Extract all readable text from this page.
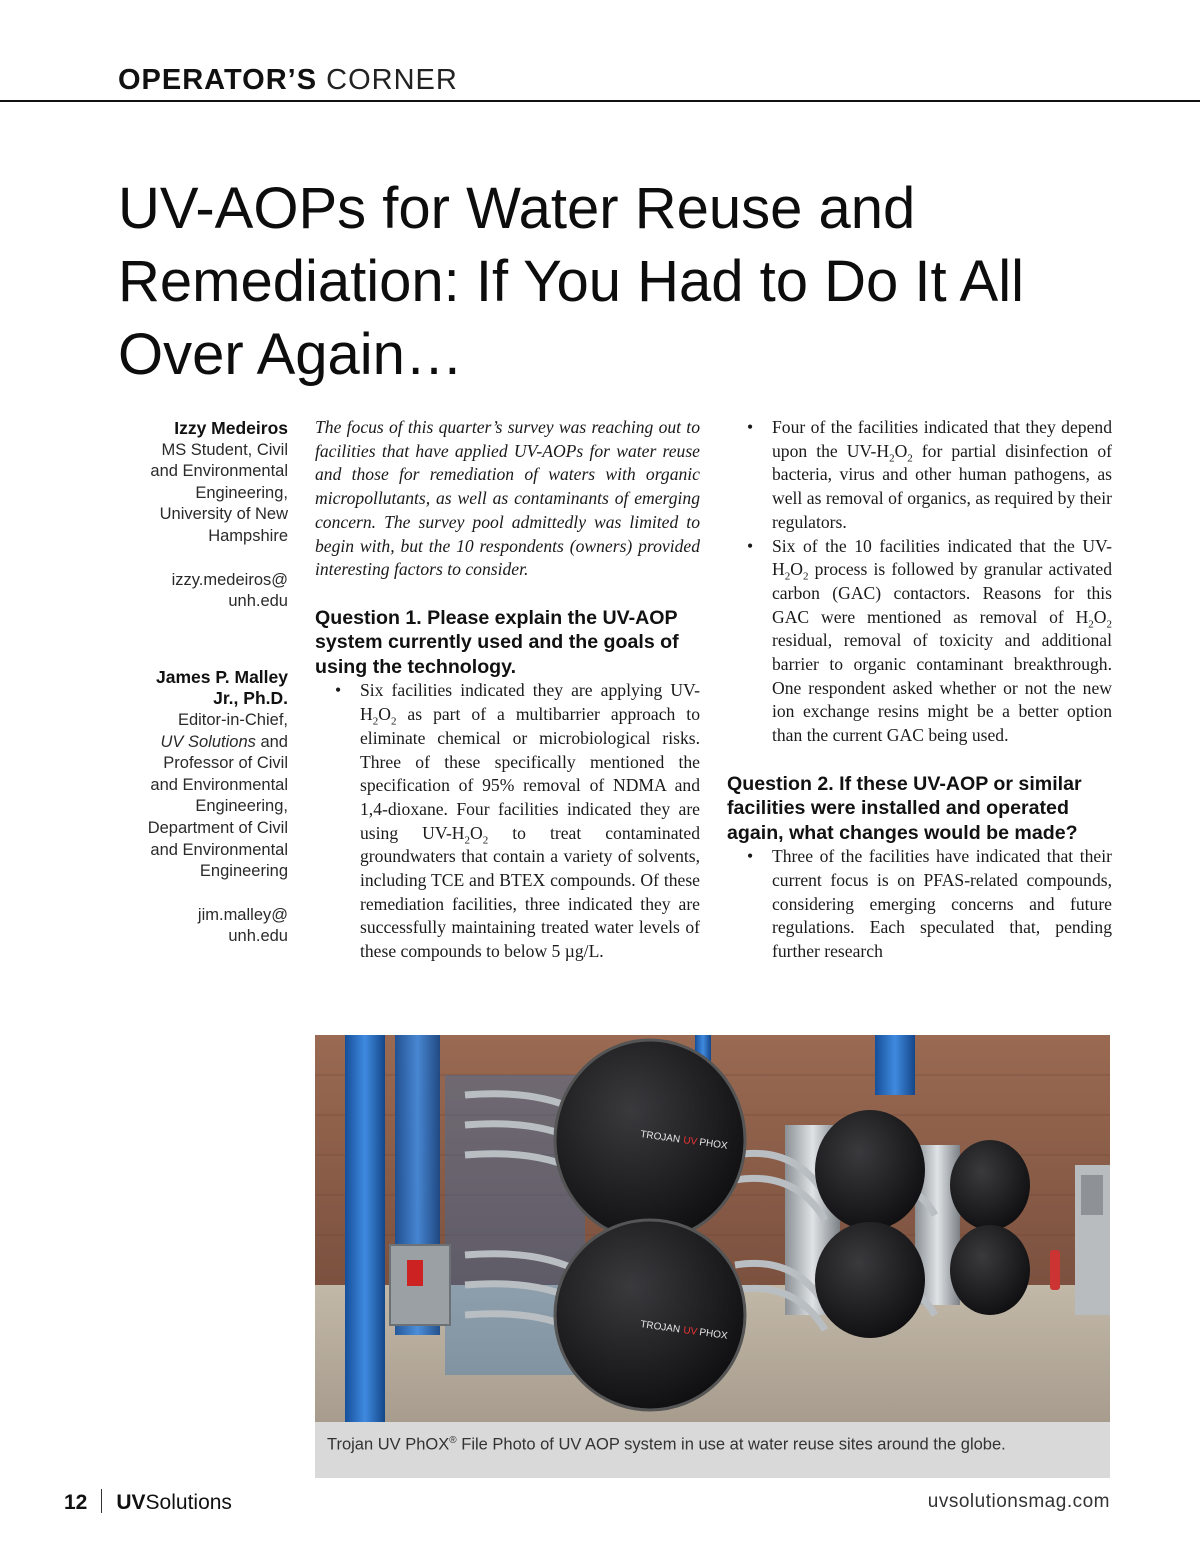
OPERATOR’S CORNER
UV-AOPs for Water Reuse and Remediation: If You Had to Do It All Over Again…
Izzy Medeiros
MS Student, Civil
and Environmental
Engineering,
University of New
Hampshire
izzy.medeiros@
unh.edu
James P. Malley
Jr., Ph.D.
Editor-in-Chief,
UV Solutions and
Professor of Civil
and Environmental
Engineering,
Department of Civil
and Environmental
Engineering
jim.malley@
unh.edu

The focus of this quarter’s survey was reaching out to facilities that have applied UV-AOPs for water reuse and those for remediation of waters with organic micropollutants, as well as contaminants of emerging concern. The survey pool admittedly was limited to begin with, but the 10 respondents (owners) provided interesting factors to consider.

Question 1. Please explain the UV-AOP system currently used and the goals of using the technology.
• Six facilities indicated they are applying $UV-H_2O_2$ as part of a multibarrier approach to eliminate chemical or microbiological risks. Three of these specifically mentioned the specification of 95% removal of NDMA and 1,4-dioxane. Four facilities indicated they are using $UV-H_2O_2$ to treat contaminated groundwaters that contain a variety of solvents, including TCE and BTEX compounds. Of these remediation facilities, three indicated they are successfully maintaining treated water levels of these compounds to below 5 µg/L.
• Four of the facilities indicated that they depend upon the $UV-H_2O_2$ for partial disinfection of bacteria, virus and other human pathogens, as well as removal of organics, as required by their regulators.
• Six of the 10 facilities indicated that the $UV-H_2O_2$ process is followed by granular activated carbon (GAC) contactors. Reasons for this GAC were mentioned as removal of $H_2O_2$ residual, removal of toxicity and additional barrier to organic contaminant breakthrough. One respondent asked whether or not the new ion exchange resins might be a better option than the current GAC being used.
Question 2. If these UV-AOP or similar facilities were installed and operated again, what changes would be made?
• Three of the facilities have indicated that their current focus is on PFAS-related compounds, considering emerging concerns and future regulations. Each speculated that, pending further research
TROJAN UV PHOX
TROJAN UV PHOX

Trojan UV PhOX® File Photo of UV AOP system in use at water reuse sites around the globe.

12 UVSolutions	uvsolutionsmag.com
